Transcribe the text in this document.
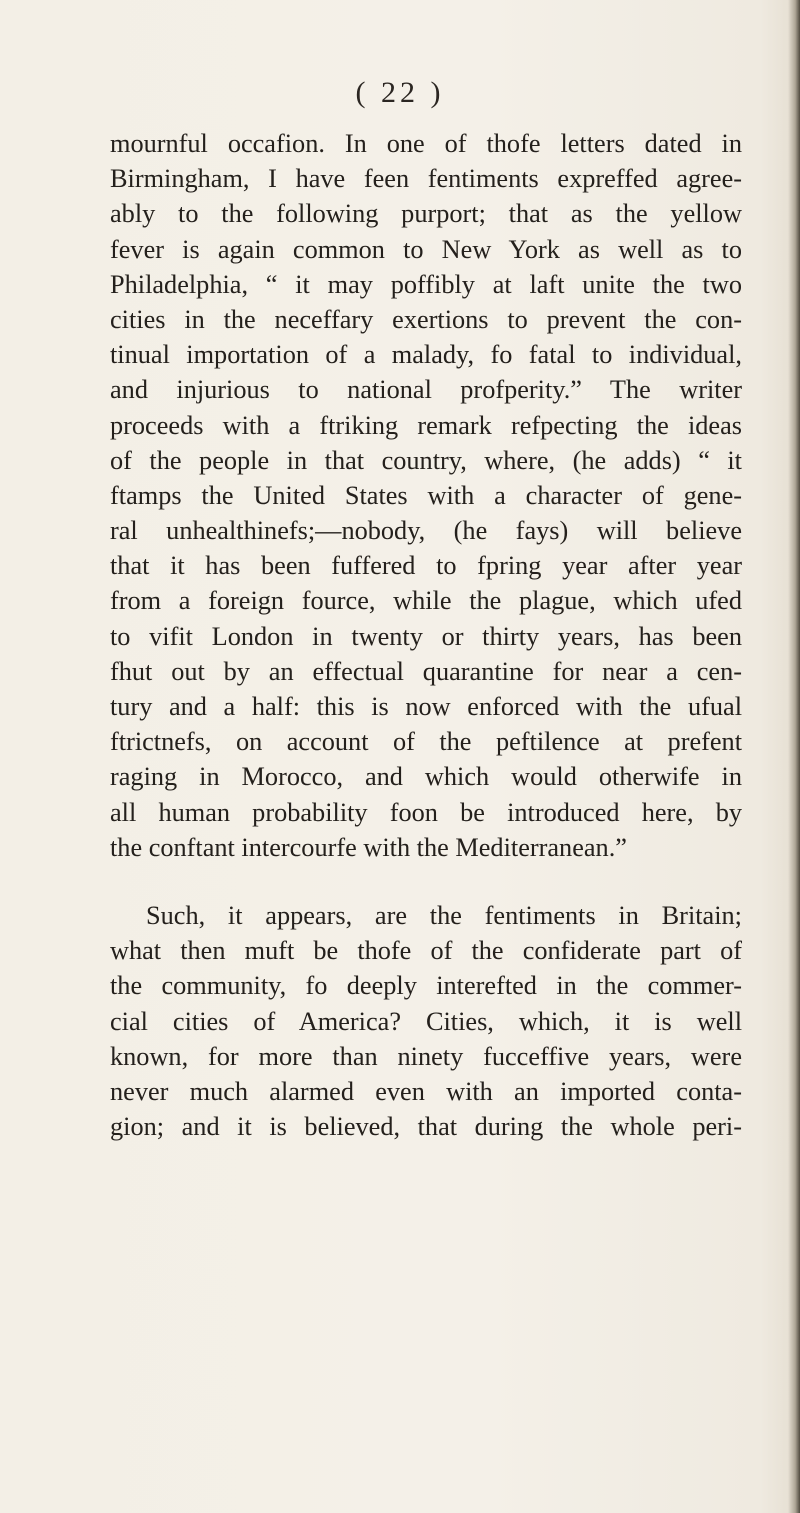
( 22 )
mournful occafion. In one of thofe letters dated in
Birmingham, I have feen fentiments expreffed agree-
ably to the following purport; that as the yellow
fever is again common to New York as well as to
Philadelphia, “ it may poffibly at laft unite the two
cities in the neceffary exertions to prevent the con-
tinual importation of a malady, fo fatal to individual,
and injurious to national profperity.” The writer
proceeds with a ftriking remark refpecting the ideas
of the people in that country, where, (he adds) “ it
ftamps the United States with a character of gene-
ral unhealthinefs;—nobody, (he fays) will believe
that it has been fuffered to fpring year after year
from a foreign fource, while the plague, which ufed
to vifit London in twenty or thirty years, has been
fhut out by an effectual quarantine for near a cen-
tury and a half: this is now enforced with the ufual
ftrictnefs, on account of the peftilence at prefent
raging in Morocco, and which would otherwife in
all human probability foon be introduced here, by
the conftant intercourfe with the Mediterranean.”
Such, it appears, are the fentiments in Britain;
what then muft be thofe of the confiderate part of
the community, fo deeply interefted in the commer-
cial cities of America? Cities, which, it is well
known, for more than ninety fucceffive years, were
never much alarmed even with an imported conta-
gion; and it is believed, that during the whole peri-
